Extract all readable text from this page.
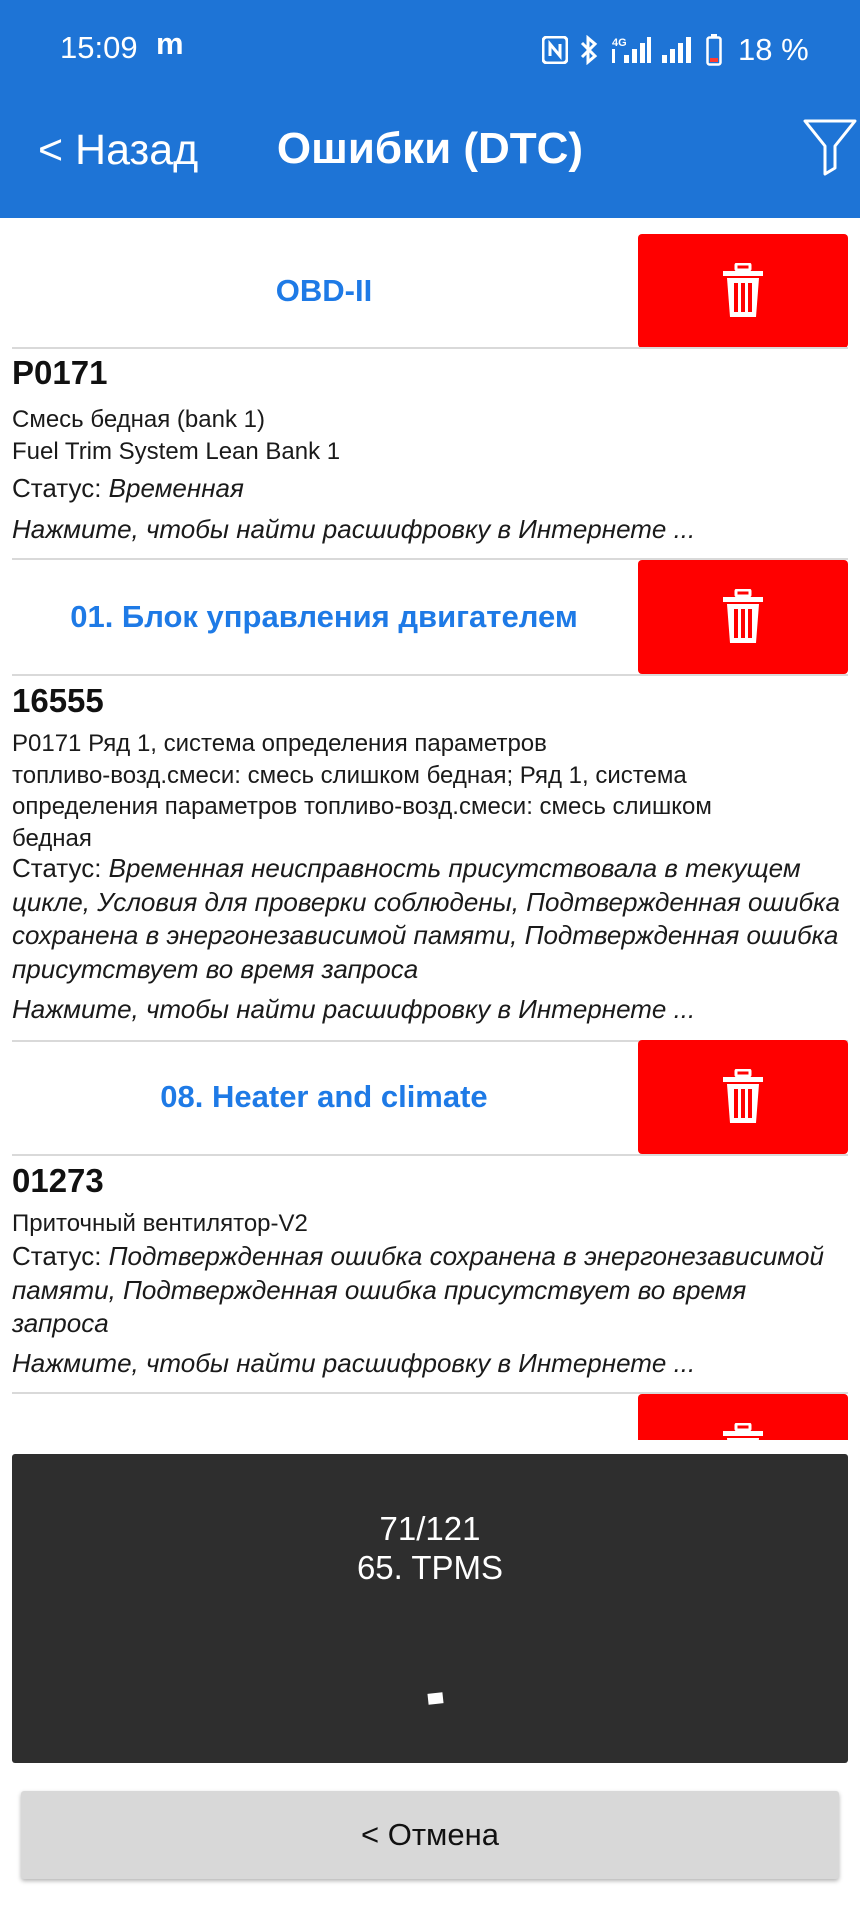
15:09 m	4G	18 %
Ошибки (DTC)
< Назад
OBD-II
P0171
Смесь бедная (bank 1)
Fuel Trim System Lean Bank 1
Статус: Временная
Нажмите, чтобы найти расшифровку в Интернете ...
01. Блок управления двигателем
16555
P0171 Ряд 1, система определения параметров
топливо-возд.смеси: смесь слишком бедная; Ряд 1, система
определения параметров топливо-возд.смеси: смесь слишком
бедная
Статус: Временная неисправность присутствовала в текущем цикле, Условия для проверки соблюдены, Подтвержденная ошибка сохранена в энергонезависимой памяти, Подтвержденная ошибка присутствует во время запроса
Нажмите, чтобы найти расшифровку в Интернете ...
08. Heater and climate
01273
Приточный вентилятор-V2
Статус: Подтвержденная ошибка сохранена в энергонезависимой памяти, Подтвержденная ошибка присутствует во время запроса
Нажмите, чтобы найти расшифровку в Интернете ...
71/121
65. TPMS
< Отмена
